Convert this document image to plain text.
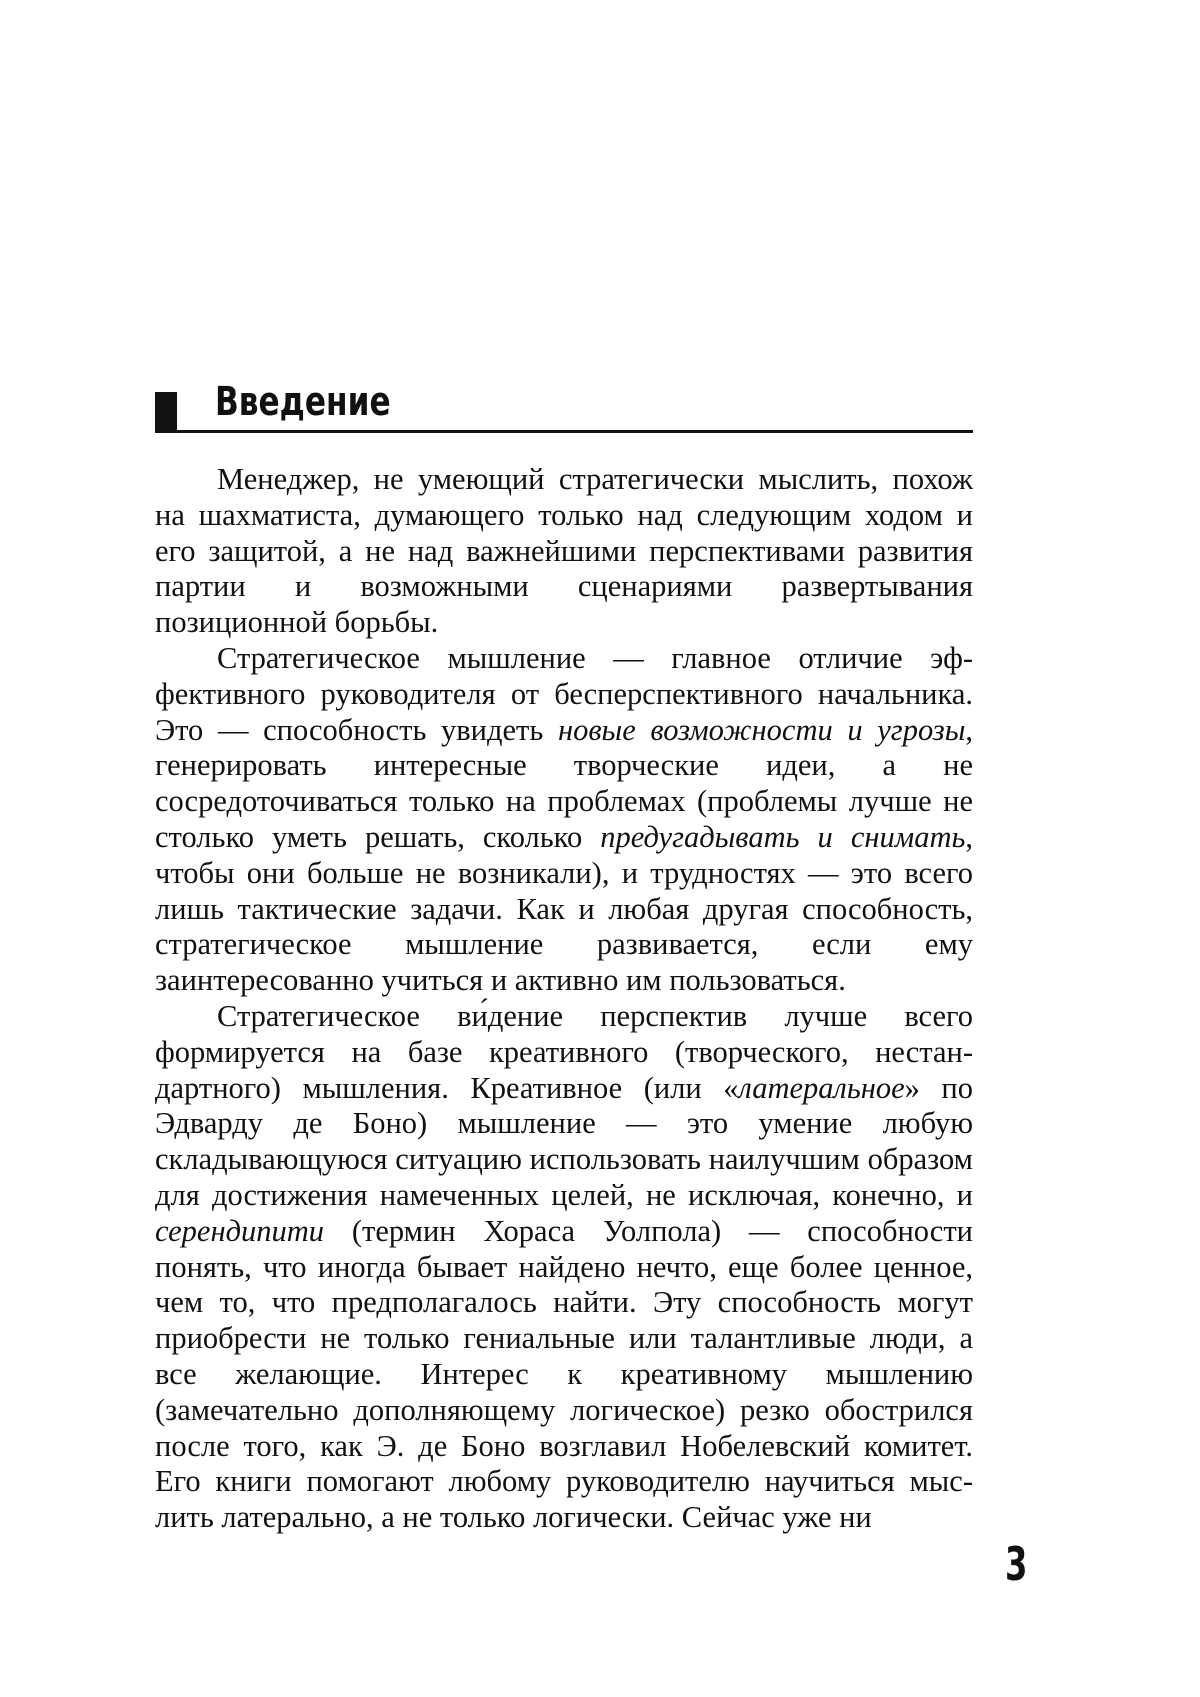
Введение

Менеджер, не умеющий стратегически мыслить, похож на шахматиста, думающего только над следующим ходом и его защитой, а не над важнейшими перспективами развития партии и возможными сценариями развертывания позиционной борьбы.

Стратегическое мышление — главное отличие эффективного руководителя от бесперспективного начальника. Это — способность увидеть новые возможности и угрозы, генерировать интересные творческие идеи, а не сосредоточиваться только на проблемах (проблемы лучше не столько уметь решать, сколько предугадывать и снимать, чтобы они больше не возникали), и трудностях — это всего лишь тактические задачи. Как и любая другая способность, стратегическое мышление развивается, если ему заинтересованно учиться и активно им пользоваться.

Стратегическое ви́дение перспектив лучше всего формируется на базе креативного (творческого, нестандартного) мышления. Креативное (или «латеральное» по Эдварду де Боно) мышление — это умение любую складывающуюся ситуацию использовать наилучшим образом для достижения намеченных целей, не исключая, конечно, и серендипити (термин Хораса Уолпола) — способности понять, что иногда бывает найдено нечто, еще более ценное, чем то, что предполагалось найти. Эту способность могут приобрести не только гениальные или талантливые люди, а все желающие. Интерес к креативному мышлению (замечательно дополняющему логическое) резко обострился после того, как Э. де Боно возглавил Нобелевский комитет. Его книги помогают любому руководителю научиться мыслить латерально, а не только логически. Сейчас уже ни

3
